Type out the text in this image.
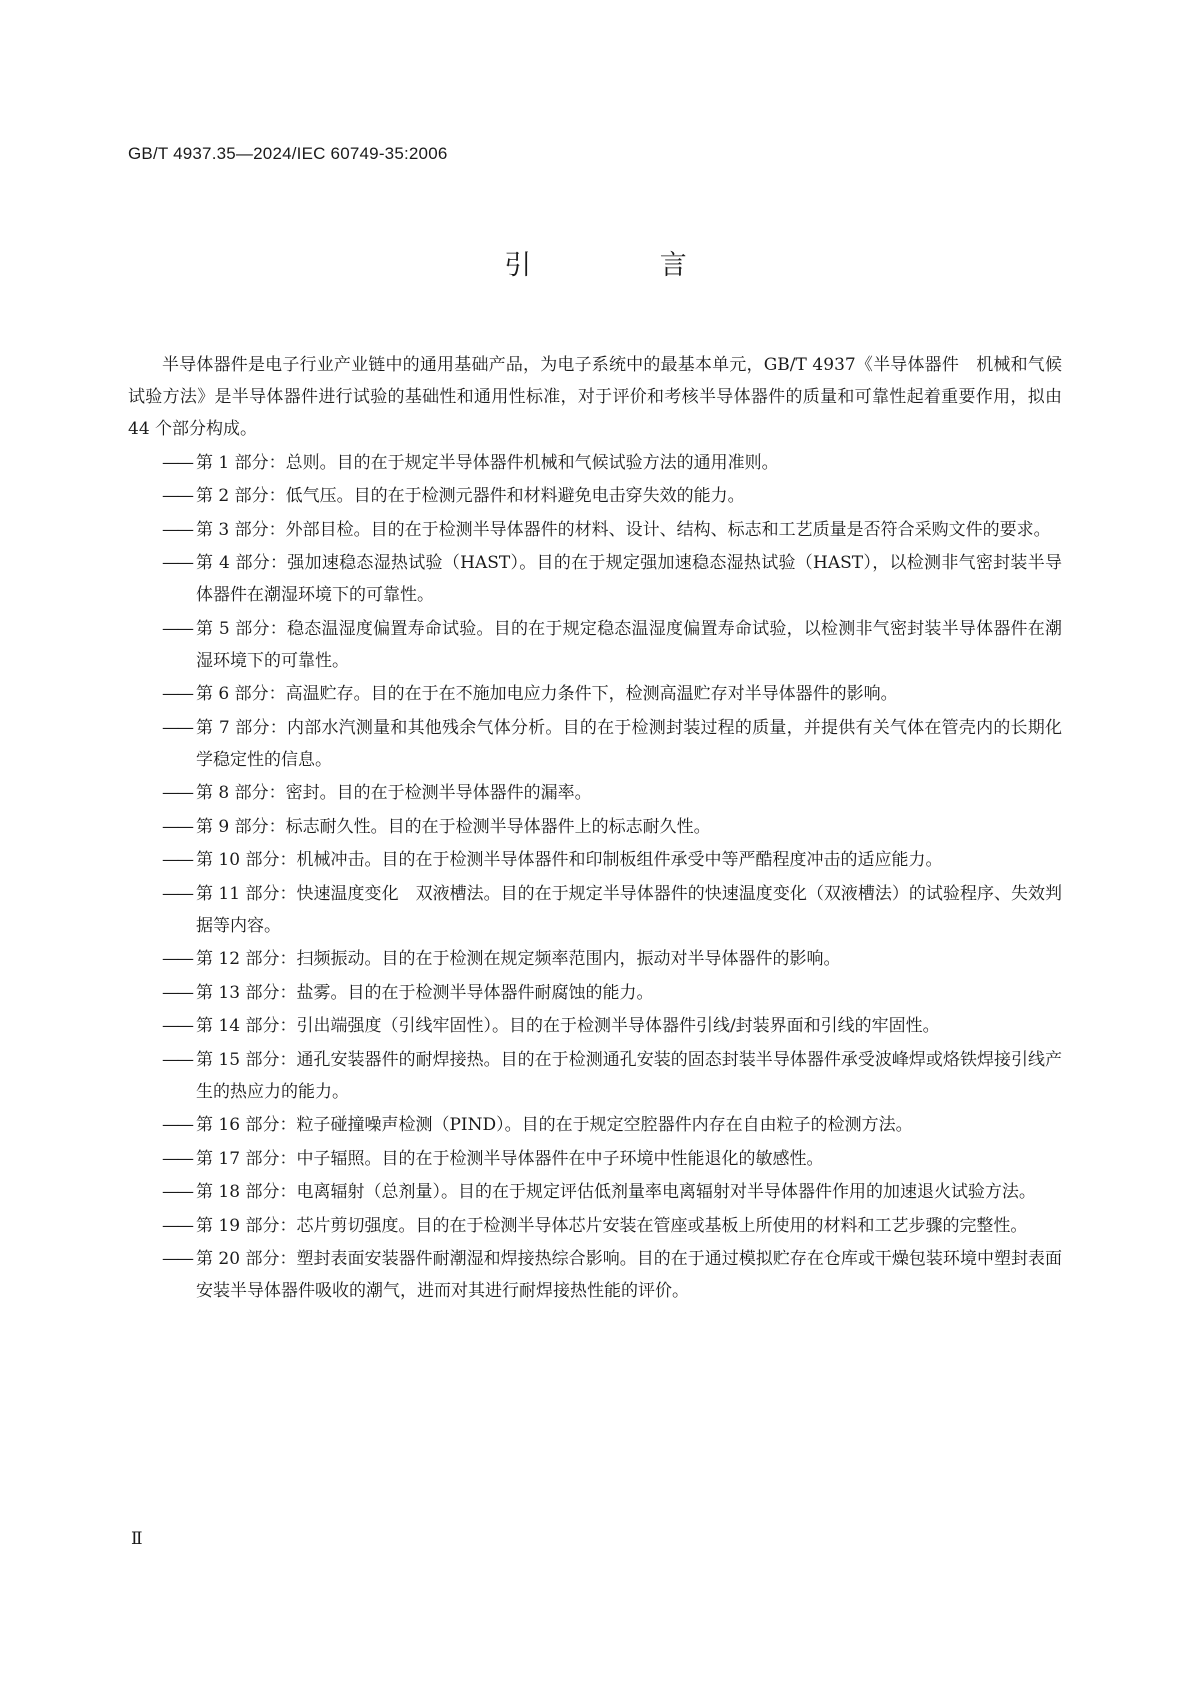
GB/T 4937.35—2024/IEC 60749-35:2006
引 言

半导体器件是电子行业产业链中的通用基础产品，为电子系统中的最基本单元，GB/T 4937《半导体器件　机械和气候试验方法》是半导体器件进行试验的基础性和通用性标准，对于评价和考核半导体器件的质量和可靠性起着重要作用，拟由 44 个部分构成。

—— 第 1 部分：总则。目的在于规定半导体器件机械和气候试验方法的通用准则。
—— 第 2 部分：低气压。目的在于检测元器件和材料避免电击穿失效的能力。
—— 第 3 部分：外部目检。目的在于检测半导体器件的材料、设计、结构、标志和工艺质量是否符合采购文件的要求。
—— 第 4 部分：强加速稳态湿热试验（HAST）。目的在于规定强加速稳态湿热试验（HAST），以检测非气密封装半导体器件在潮湿环境下的可靠性。
—— 第 5 部分：稳态温湿度偏置寿命试验。目的在于规定稳态温湿度偏置寿命试验，以检测非气密封装半导体器件在潮湿环境下的可靠性。
—— 第 6 部分：高温贮存。目的在于在不施加电应力条件下，检测高温贮存对半导体器件的影响。
—— 第 7 部分：内部水汽测量和其他残余气体分析。目的在于检测封装过程的质量，并提供有关气体在管壳内的长期化学稳定性的信息。
—— 第 8 部分：密封。目的在于检测半导体器件的漏率。
—— 第 9 部分：标志耐久性。目的在于检测半导体器件上的标志耐久性。
—— 第 10 部分：机械冲击。目的在于检测半导体器件和印制板组件承受中等严酷程度冲击的适应能力。
—— 第 11 部分：快速温度变化　双液槽法。目的在于规定半导体器件的快速温度变化（双液槽法）的试验程序、失效判据等内容。
—— 第 12 部分：扫频振动。目的在于检测在规定频率范围内，振动对半导体器件的影响。
—— 第 13 部分：盐雾。目的在于检测半导体器件耐腐蚀的能力。
—— 第 14 部分：引出端强度（引线牢固性）。目的在于检测半导体器件引线/封装界面和引线的牢固性。
—— 第 15 部分：通孔安装器件的耐焊接热。目的在于检测通孔安装的固态封装半导体器件承受波峰焊或烙铁焊接引线产生的热应力的能力。
—— 第 16 部分：粒子碰撞噪声检测（PIND）。目的在于规定空腔器件内存在自由粒子的检测方法。
—— 第 17 部分：中子辐照。目的在于检测半导体器件在中子环境中性能退化的敏感性。
—— 第 18 部分：电离辐射（总剂量）。目的在于规定评估低剂量率电离辐射对半导体器件作用的加速退火试验方法。
—— 第 19 部分：芯片剪切强度。目的在于检测半导体芯片安装在管座或基板上所使用的材料和工艺步骤的完整性。
—— 第 20 部分：塑封表面安装器件耐潮湿和焊接热综合影响。目的在于通过模拟贮存在仓库或干燥包装环境中塑封表面安装半导体器件吸收的潮气，进而对其进行耐焊接热性能的评价。
Ⅱ
